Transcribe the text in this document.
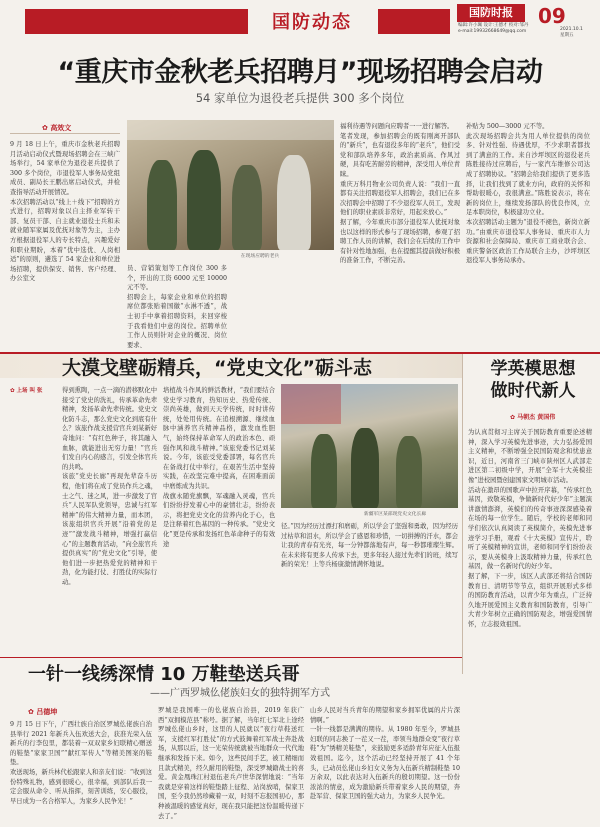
国防动态	国防时报
编辑:许小珮 设计:王德才 校对:邹丹
e-mail:19932668649@qq.com
09
2021.10.1
星期五
“重庆市金秋老兵招聘月”现场招聘会启动
54 家单位为退役老兵提供 300 多个岗位
✿ 高效文
9 月 18 日上午，重庆市金秋老兵招聘月活动启动仪式暨现场招聘会在三峡广场举行，54 家单位为退役老兵提供了 300 多个岗位，市退役军人事务局党组成员、副局长王鹏出席启动仪式，并检查指导活动开展情况。
本次招聘活动以“线上＋线下”招聘的方式进行，招聘对象以自主择业军转干部、复员干部、自主就业退役士兵和未就业随军家属及优抚对象等为主，主办方根据退役军人的专长特点，兴趣爱好和职业期盼，本着“优中选优、人岗相适”的原则，遴选了 54 家企业和单位进场招聘，提供保安、销售、客户经理、办公室文
在现场应聘的老兵
员、营销策划等工作岗位 300 多个，开出的工资 6000 元至 10000 元不等。
招聘会上，每家企业和单位的招聘席位都张贴着国徽“水淋不透”，战士初手中拿着招聘资料，来回穿梭于我看他们中意的岗位。招聘单位工作人员则针对企业的概况、岗位要求、
福利待遇等问题向应聘者一一进行解答。
笔者发现，参加招聘会的既有刚离开部队的“新兵”，也有退役多年的“老兵”，他们受党和部队培养多年，政治素质高、作风过硬，具有吃苦耐劳的精神，深受用人单位青睐。
重庆万科月物业公司负责人说：“我们一直都有关注招聘退役军人招聘会，我们已在多次招聘会中招聘了不少退役军人员工，发现他们的职业素质非常好，用起来放心。”
据了解，今年重庆市部分退役军人优抚对象也以这样的形式参与了现场招聘，参观了招聘工作人员的讲解，我们会在后续的工作中有针对性地加强，也在提醒其提前做好积极的准备工作，不断完善。
补贴为 500—3000 元不等。
此次现场招聘会共为用人单位提供的岗位多、针对性强、待遇优厚，不少求职者都找到了满意的工作。来自沙坪坝区的退役老兵陈胜接待过应聘后，与一家汽车维修公司达成了招聘协议。“招聘会给我们提供了更多选择，让我们找到了就业方向，政府的关怀和帮助很暖心，我很满意。”陈胜说表示，将在新的岗位上，继续发扬部队的优良作风，立足本职岗位，积极建功立业。
本次招聘活动主题为“退役不褪色，新岗立新功。”由重庆市退役军人事务局、重庆市人力资源和社会保障局、重庆市工商业联合会、重庆警备区政治工作局联合主办，沙坪坝区退役军人事务局承办。
大漠戈壁砺精兵，“党史文化”砺斗志
✿ 上场 叫 张	得到熏陶，一点一滴的潜移默化中接受了党史的洗礼，传承革命先辈精神，发扬革命先辈传统。党史文化防斗志，那么党史文化到底有什么？该旅作战支援营官兵刘某新好奇地问：“有红色种子，将其融入血脉，就能进出无穷力量！”官兵们发自内心的感言，引发全体官兵的共鸣。
该旅“党史长廊”再现先辈奋斗历程，他们将在成了党员作兵之魂，士之气、迷之风，进一步激发了官兵“人民军队党领导，忠诚与红军精神”的伟大精神力量，而本团，该旅组织官兵开展“沿着党的足迹”“激发战斗精神，增强打赢信心”的主题教育活动，“向全旅官兵提供真实”的“党史文化”引导，使他们进一步把热爱党的精神和干劲，化为能打仗、打胜仗的实际行动。
培植战斗作风的鲜活教材，“我们要结合党史学习教育，热知历史、热爱传统、崇尚英雄，做到天天学传统，时时讲传统，处处用传统。在追根溯源、继续血脉中涵养官兵精神品格，激发血性胆气，始终保持革命军人的政治本色、顽强作风和战斗精神。”该旅党委书记刘某说。今年，该旅受党委部署，每名官兵在备战打仗中举行，在艰苦生活中坚持实践，在改坚完难中提高，在困难面前中磨炼成为共识。
战旗永随党旗飘，军魂融入灵魂，官兵们纷纷抒发着心中的豪情壮志，纷纷表示，将把党史文化的营养内化于心，也是注释着红色基因的一种传承。“党史文化”更是传承和发扬红色革命种子的有效途
新疆军区某部现党史文化长廊
径。”因为经历过漂打和磨砺，所以学会了坚强和勇敢，因为经历过枯草和泪水，所以学会了感恩和珍惜，一切拼搏的汗水，都会让我的青春有光亮，每一分钟都落地有声，每一秒都璀璨生辉。在未来将有更多人传承下去，更多年轻人接过先辈们的班，续写新的荣光！上等兵杨康激情满怀地说。
学英模思想
做时代新人
✿ 马朝杰 黄国伟
为认真贯彻习主席关于国防教育重要论述精神，深入学习英模先进事迹，大力弘扬爱国主义精神，不断增强全民国防观念和忧患意识，近日，河南省三门峡市陕州区人武部走进区第二初级中学，开展“全军十大英模挂像”进校园暨创建国家文明城市活动。
活动在激昂的国歌声中拉开序幕，“传承红色基因，致敬英模，争做新时代好少年”主题演讲激情澎湃，英模们的传奇事迹深深感染着在场的每一位学生。随后，学校的老师和同学们依次认真阅读了英模简介，英模先进事迹学习手册，观看《十大英模》宣传片，聆听了英模精神的宣讲，老师和同学们纷纷表示，要从英模身上汲取精神力量，传承红色基因，做一名新时代的好少年。
据了解，下一步，该区人武部还将结合国防教育日、清明节等节点，组织开展形式多样的国防教育活动，以青少年为重点，广泛持久地开展爱国主义教育和国防教育，引导广大青少年树立正确的国防观念，增强爱国情怀，立志报效祖国。
一针一线绣深情 10 万鞋垫送兵哥
——广西罗城仫佬族妇女的独特拥军方式
✿ 吕德坤
9 月 15 日下午，广西壮族自治区罗城仫佬族自治县举行 2021 年新兵入伍欢送大会，获准光荣入伍新兵的行李包里，都装着一双双家乡妇联精心赠送的鞋垫“家家卫国”“献红军传人”等精美图案的鞋垫。
欢送现场，新兵林代松跟家人和亲友们说：“收到这份特殊礼物，感到很暖心，很幸福，到部队后我一定会服从命令、听从指挥，刻苦训练，安心服役，早日成为一名合格军人，为家乡人民争光！”
罗城是我国唯一的仫佬族自治县，2019 年获广西“双拥模范县”称号。据了解，当年红七军北上途经罗城仫佬山乡时，这里的人民就以“夜行草鞋送红军，支援红军打胜仗”的方式鼓舞着红军战士奔赴战场，从那以后，这一光荣传统就被当地群众一代代地继承和发扬下来。如今，这些民间手艺，被工精细而且款式精美，经久耐用的鞋垫，深受罗城籍战士的喜爱。黄金凰珠江村退伍老兵卢世华深情地说：“当年我就是穿着这样的鞋垫踏上征程、站岗放哨，保家卫国，至今我仍然珍藏着一双，时刻不忘报国初心，那种被温暖的感觉真好，现在我只能把这份温暖传递下去了。”
山乡人民对当兵青年的期望和家乡拥军优属的片片深情啊。”
一针一线都是满满的期待。从 1980 年至今，罗城县妇联的同志换了一茬又一茬，率领当地群众变“夜行草鞋”为“绣精美鞋垫”，来鼓励更多适龄青年应征入伍报效祖国。迄今，这个活动已经坚持开展了 41 个年头，已动员仫佬山乡妇女义务为入伍新兵精制鞋垫 10 万余双，以此表达对入伍新兵的殷切期望。这一份份浓浓的情意，成为激励新兵带着家乡人民的期望，奔赴军营、保家卫国的强大动力，为家乡人民争光。
